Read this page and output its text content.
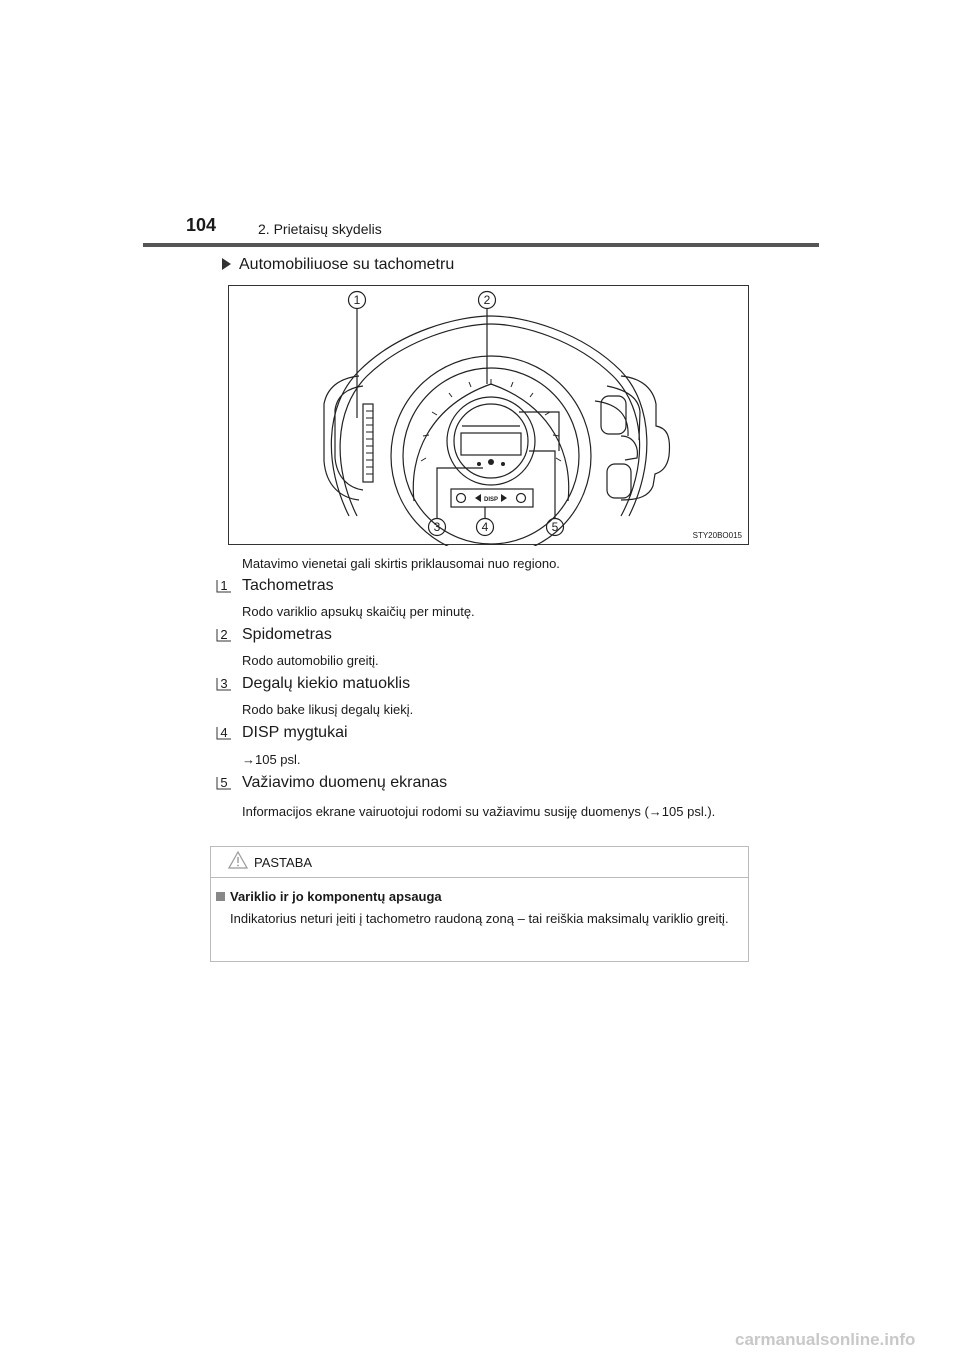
104	2. Prietaisų skydelis
Automobiliuose su tachometru
DISP
1	2
3	4	5
STY20BO015
Matavimo vienetai gali skirtis priklausomai nuo regiono.
1 Tachometras
Rodo variklio apsukų skaičių per minutę.
2 Spidometras
Rodo automobilio greitį.
3 Degalų kiekio matuoklis
Rodo bake likusį degalų kiekį.
4 DISP mygtukai
→105 psl.
5 Važiavimo duomenų ekranas
Informacijos ekrane vairuotojui rodomi su važiavimu susiję duomenys (→105 psl.).
PASTABA
Variklio ir jo komponentų apsauga
Indikatorius neturi įeiti į tachometro raudoną zoną – tai reiškia maksimalų variklio greitį.
carmanualsonline.info
